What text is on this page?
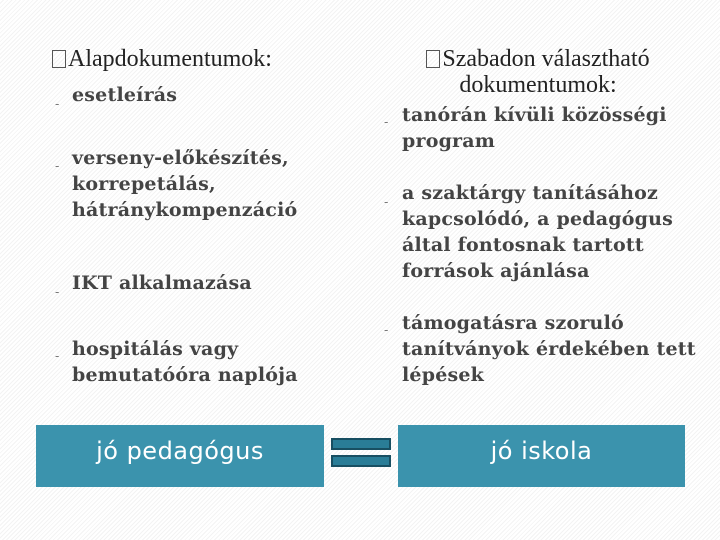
Alapdokumentumok:	Szabadon választható
dokumentumok:
- esetleírás
- verseny-előkészítés,
korrepetálás,
hátránykompenzáció
- IKT alkalmazása
- hospitálás vagy
bemutatóóra naplója
- tanórán kívüli közösségi
program
- a szaktárgy tanításához
kapcsolódó, a pedagógus
által fontosnak tartott
források ajánlása
- támogatásra szoruló
tanítványok érdekében tett
lépések
jó pedagógus	jó iskola
